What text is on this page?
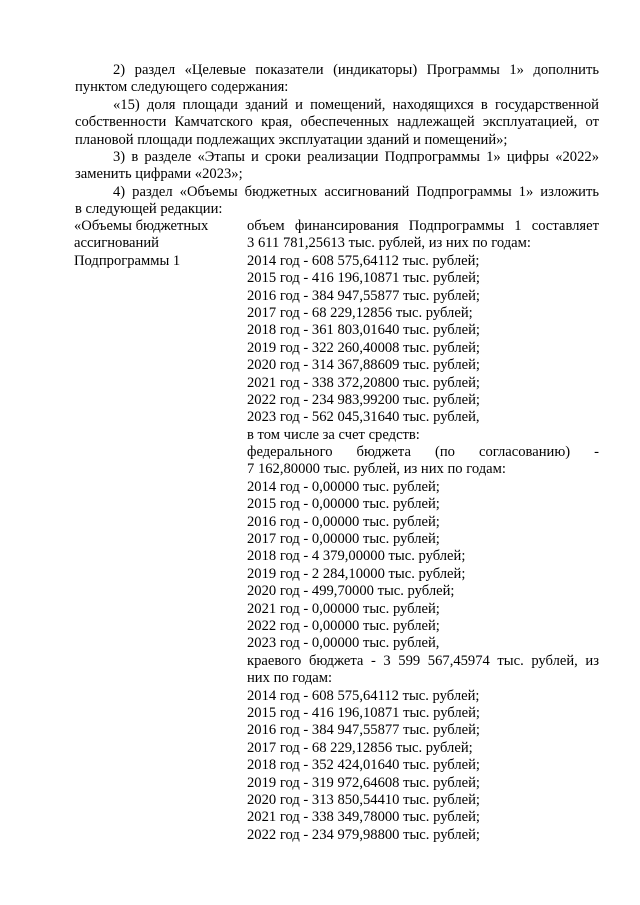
2) раздел «Целевые показатели (индикаторы) Программы 1» дополнить
пунктом следующего содержания:
«15) доля площади зданий и помещений, находящихся в государственной
собственности Камчатского края, обеспеченных надлежащей эксплуатацией, от
плановой площади подлежащих эксплуатации зданий и помещений»;
3) в разделе «Этапы и сроки реализации Подпрограммы 1» цифры «2022»
заменить цифрами «2023»;
4) раздел «Объемы бюджетных ассигнований Подпрограммы 1» изложить
в следующей редакции:
«Объемы бюджетных
ассигнований
Подпрограммы 1
объем финансирования Подпрограммы 1 составляет
3 611 781,25613 тыс. рублей, из них по годам:
2014 год - 608 575,64112 тыс. рублей;
2015 год - 416 196,10871 тыс. рублей;
2016 год - 384 947,55877 тыс. рублей;
2017 год - 68 229,12856 тыс. рублей;
2018 год - 361 803,01640 тыс. рублей;
2019 год - 322 260,40008 тыс. рублей;
2020 год - 314 367,88609 тыс. рублей;
2021 год - 338 372,20800 тыс. рублей;
2022 год - 234 983,99200 тыс. рублей;
2023 год - 562 045,31640 тыс. рублей,
в том числе за счет средств:
федерального бюджета (по согласованию) -
7 162,80000 тыс. рублей, из них по годам:
2014 год - 0,00000 тыс. рублей;
2015 год - 0,00000 тыс. рублей;
2016 год - 0,00000 тыс. рублей;
2017 год - 0,00000 тыс. рублей;
2018 год - 4 379,00000 тыс. рублей;
2019 год - 2 284,10000 тыс. рублей;
2020 год - 499,70000 тыс. рублей;
2021 год - 0,00000 тыс. рублей;
2022 год - 0,00000 тыс. рублей;
2023 год - 0,00000 тыс. рублей,
краевого бюджета - 3 599 567,45974 тыс. рублей, из
них по годам:
2014 год - 608 575,64112 тыс. рублей;
2015 год - 416 196,10871 тыс. рублей;
2016 год - 384 947,55877 тыс. рублей;
2017 год - 68 229,12856 тыс. рублей;
2018 год - 352 424,01640 тыс. рублей;
2019 год - 319 972,64608 тыс. рублей;
2020 год - 313 850,54410 тыс. рублей;
2021 год - 338 349,78000 тыс. рублей;
2022 год - 234 979,98800 тыс. рублей;
